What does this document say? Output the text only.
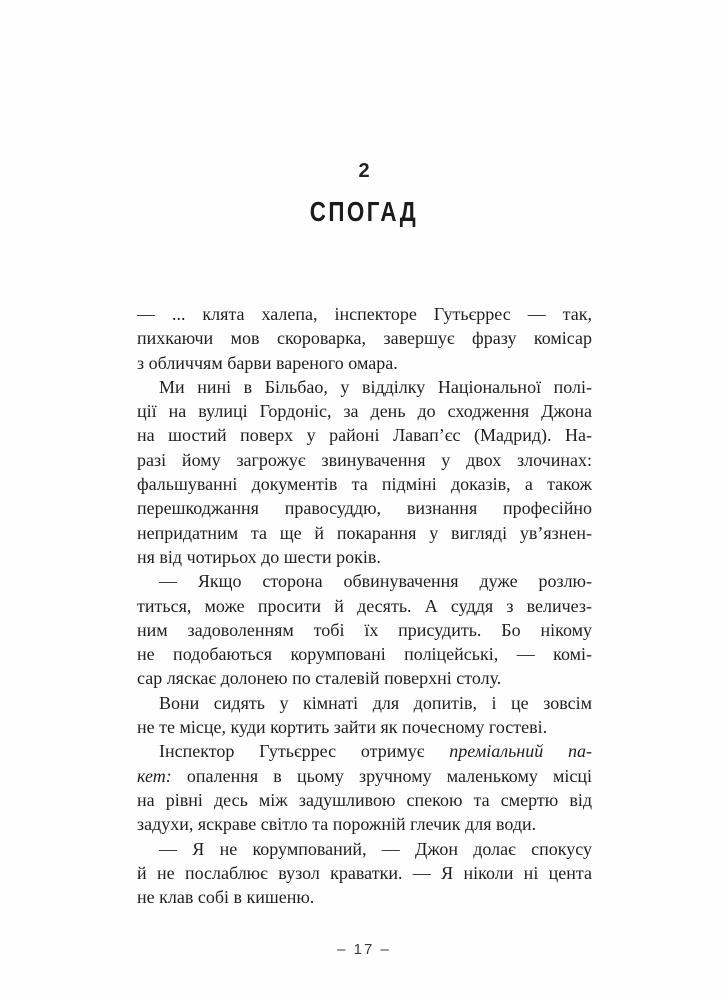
2
СПОГАД
— ... клята халепа, інспекторе Гутьєррес — так,
пихкаючи мов скороварка, завершує фразу комісар
з обличчям барви вареного омара.
Ми нині в Більбао, у відділку Національної полі-
ції на вулиці Гордоніс, за день до сходження Джона
на шостий поверх у районі Лавап’єс (Мадрид). На-
разі йому загрожує звинувачення у двох злочинах:
фальшуванні документів та підміні доказів, а також
перешкоджання правосуддю, визнання професійно
непридатним та ще й покарання у вигляді ув’язнен-
ня від чотирьох до шести років.
— Якщо сторона обвинувачення дуже розлю-
титься, може просити й десять. А суддя з величез-
ним задоволенням тобі їх присудить. Бо нікому
не подобаються корумповані поліцейські, — комі-
сар ляскає долонею по сталевій поверхні столу.
Вони сидять у кімнаті для допитів, і це зовсім
не те місце, куди кортить зайти як почесному гостеві.
Інспектор Гутьєррес отримує преміальний па-
кет: опалення в цьому зручному маленькому місці
на рівні десь між задушливою спекою та смертю від
задухи, яскраве світло та порожній глечик для води.
— Я не корумпований, — Джон долає спокусу
й не послаблює вузол краватки. — Я ніколи ні цента
не клав собі в кишеню.
– 17 –
